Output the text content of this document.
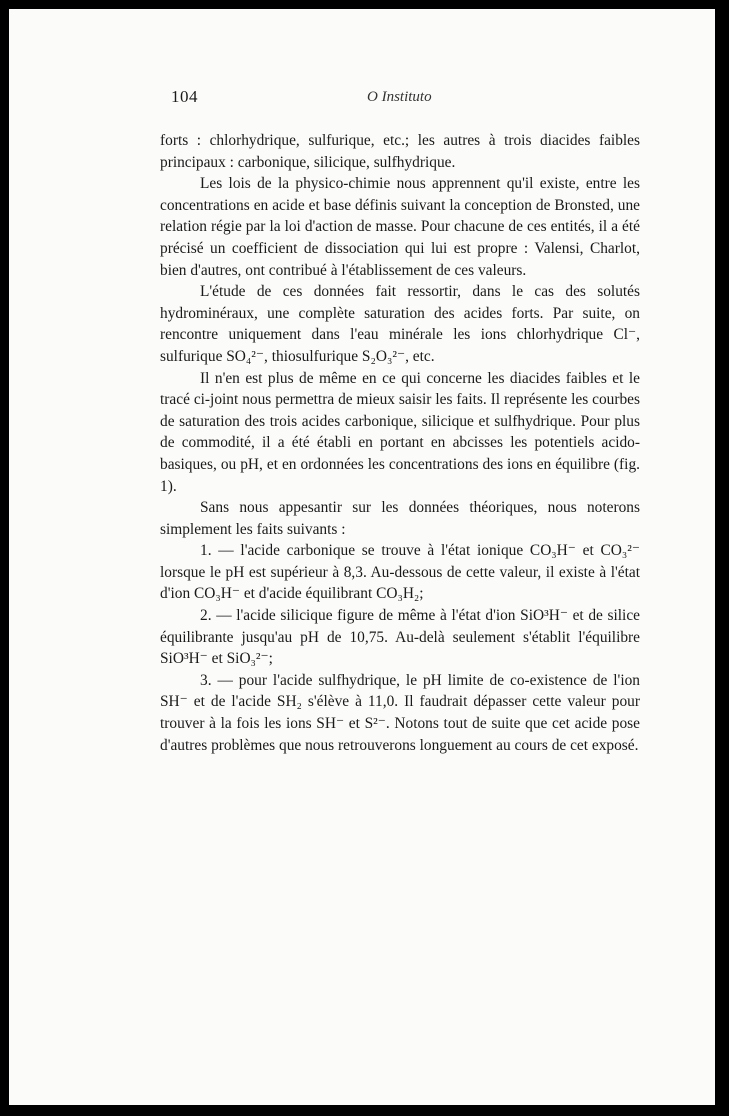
104	O Instituto

forts : chlorhydrique, sulfurique, etc.; les autres à trois diacides faibles principaux : carbonique, silicique, sulfhydrique.

Les lois de la physico-chimie nous apprennent qu'il existe, entre les concentrations en acide et base définis suivant la conception de Bronsted, une relation régie par la loi d'action de masse. Pour chacune de ces entités, il a été précisé un coefficient de dissociation qui lui est propre : Valensi, Charlot, bien d'autres, ont contribué à l'établissement de ces valeurs.

L'étude de ces données fait ressortir, dans le cas des solutés hydrominéraux, une complète saturation des acides forts. Par suite, on rencontre uniquement dans l'eau minérale les ions chlorhydrique Cl⁻, sulfurique SO₄²⁻, thiosulfurique S₂O₃²⁻, etc.

Il n'en est plus de même en ce qui concerne les diacides faibles et le tracé ci-joint nous permettra de mieux saisir les faits. Il représente les courbes de saturation des trois acides carbonique, silicique et sulfhydrique. Pour plus de commodité, il a été établi en portant en abcisses les potentiels acido-basiques, ou pH, et en ordonnées les concentrations des ions en équilibre (fig. 1).

Sans nous appesantir sur les données théoriques, nous noterons simplement les faits suivants :

1. — l'acide carbonique se trouve à l'état ionique CO₃H⁻ et CO₃²⁻ lorsque le pH est supérieur à 8,3. Au-dessous de cette valeur, il existe à l'état d'ion CO₃H⁻ et d'acide équilibrant CO₃H₂;

2. — l'acide silicique figure de même à l'état d'ion SiO³H⁻ et de silice équilibrante jusqu'au pH de 10,75. Au-delà seulement s'établit l'équilibre SiO³H⁻ et SiO₃²⁻;

3. — pour l'acide sulfhydrique, le pH limite de co-existence de l'ion SH⁻ et de l'acide SH₂ s'élève à 11,0. Il faudrait dépasser cette valeur pour trouver à la fois les ions SH⁻ et S²⁻. Notons tout de suite que cet acide pose d'autres problèmes que nous retrouverons longuement au cours de cet exposé.
